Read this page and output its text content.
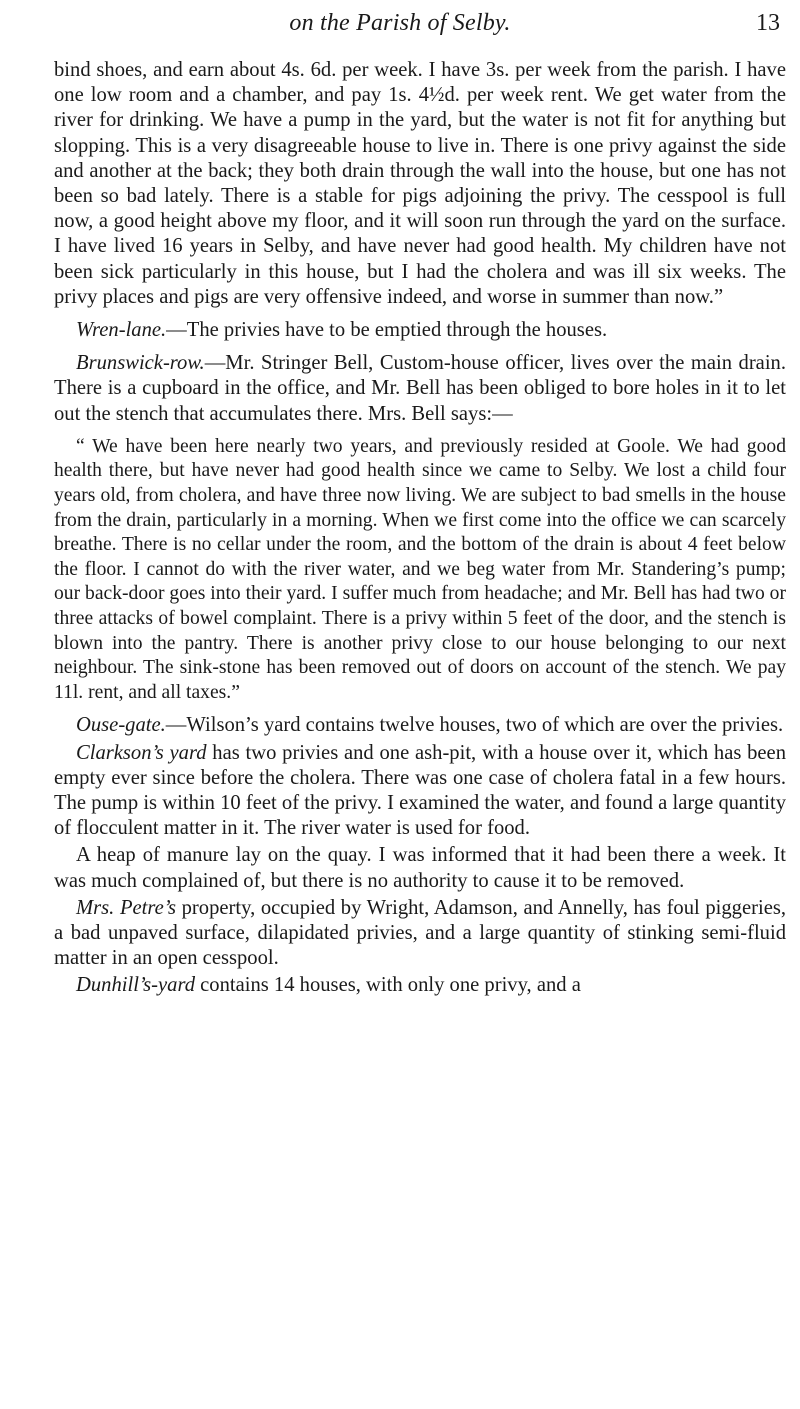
on the Parish of Selby.	13

bind shoes, and earn about 4s. 6d. per week. I have 3s. per week from the parish. I have one low room and a chamber, and pay 1s. 4½d. per week rent. We get water from the river for drinking. We have a pump in the yard, but the water is not fit for anything but slopping. This is a very disagreeable house to live in. There is one privy against the side and another at the back; they both drain through the wall into the house, but one has not been so bad lately. There is a stable for pigs adjoining the privy. The cesspool is full now, a good height above my floor, and it will soon run through the yard on the surface. I have lived 16 years in Selby, and have never had good health. My children have not been sick particularly in this house, but I had the cholera and was ill six weeks. The privy places and pigs are very offensive indeed, and worse in summer than now.”

Wren-lane.—The privies have to be emptied through the houses.

Brunswick-row.—Mr. Stringer Bell, Custom-house officer, lives over the main drain. There is a cupboard in the office, and Mr. Bell has been obliged to bore holes in it to let out the stench that accumulates there. Mrs. Bell says:—

“ We have been here nearly two years, and previously resided at Goole. We had good health there, but have never had good health since we came to Selby. We lost a child four years old, from cholera, and have three now living. We are subject to bad smells in the house from the drain, particularly in a morning. When we first come into the office we can scarcely breathe. There is no cellar under the room, and the bottom of the drain is about 4 feet below the floor. I cannot do with the river water, and we beg water from Mr. Standering’s pump; our back-door goes into their yard. I suffer much from headache; and Mr. Bell has had two or three attacks of bowel complaint. There is a privy within 5 feet of the door, and the stench is blown into the pantry. There is another privy close to our house belonging to our next neighbour. The sink-stone has been removed out of doors on account of the stench. We pay 11l. rent, and all taxes.”

Ouse-gate.—Wilson’s yard contains twelve houses, two of which are over the privies.

Clarkson’s yard has two privies and one ash-pit, with a house over it, which has been empty ever since before the cholera. There was one case of cholera fatal in a few hours. The pump is within 10 feet of the privy. I examined the water, and found a large quantity of flocculent matter in it. The river water is used for food.

A heap of manure lay on the quay. I was informed that it had been there a week. It was much complained of, but there is no authority to cause it to be removed.

Mrs. Petre’s property, occupied by Wright, Adamson, and Annelly, has foul piggeries, a bad unpaved surface, dilapidated privies, and a large quantity of stinking semi-fluid matter in an open cesspool.

Dunhill’s-yard contains 14 houses, with only one privy, and a
